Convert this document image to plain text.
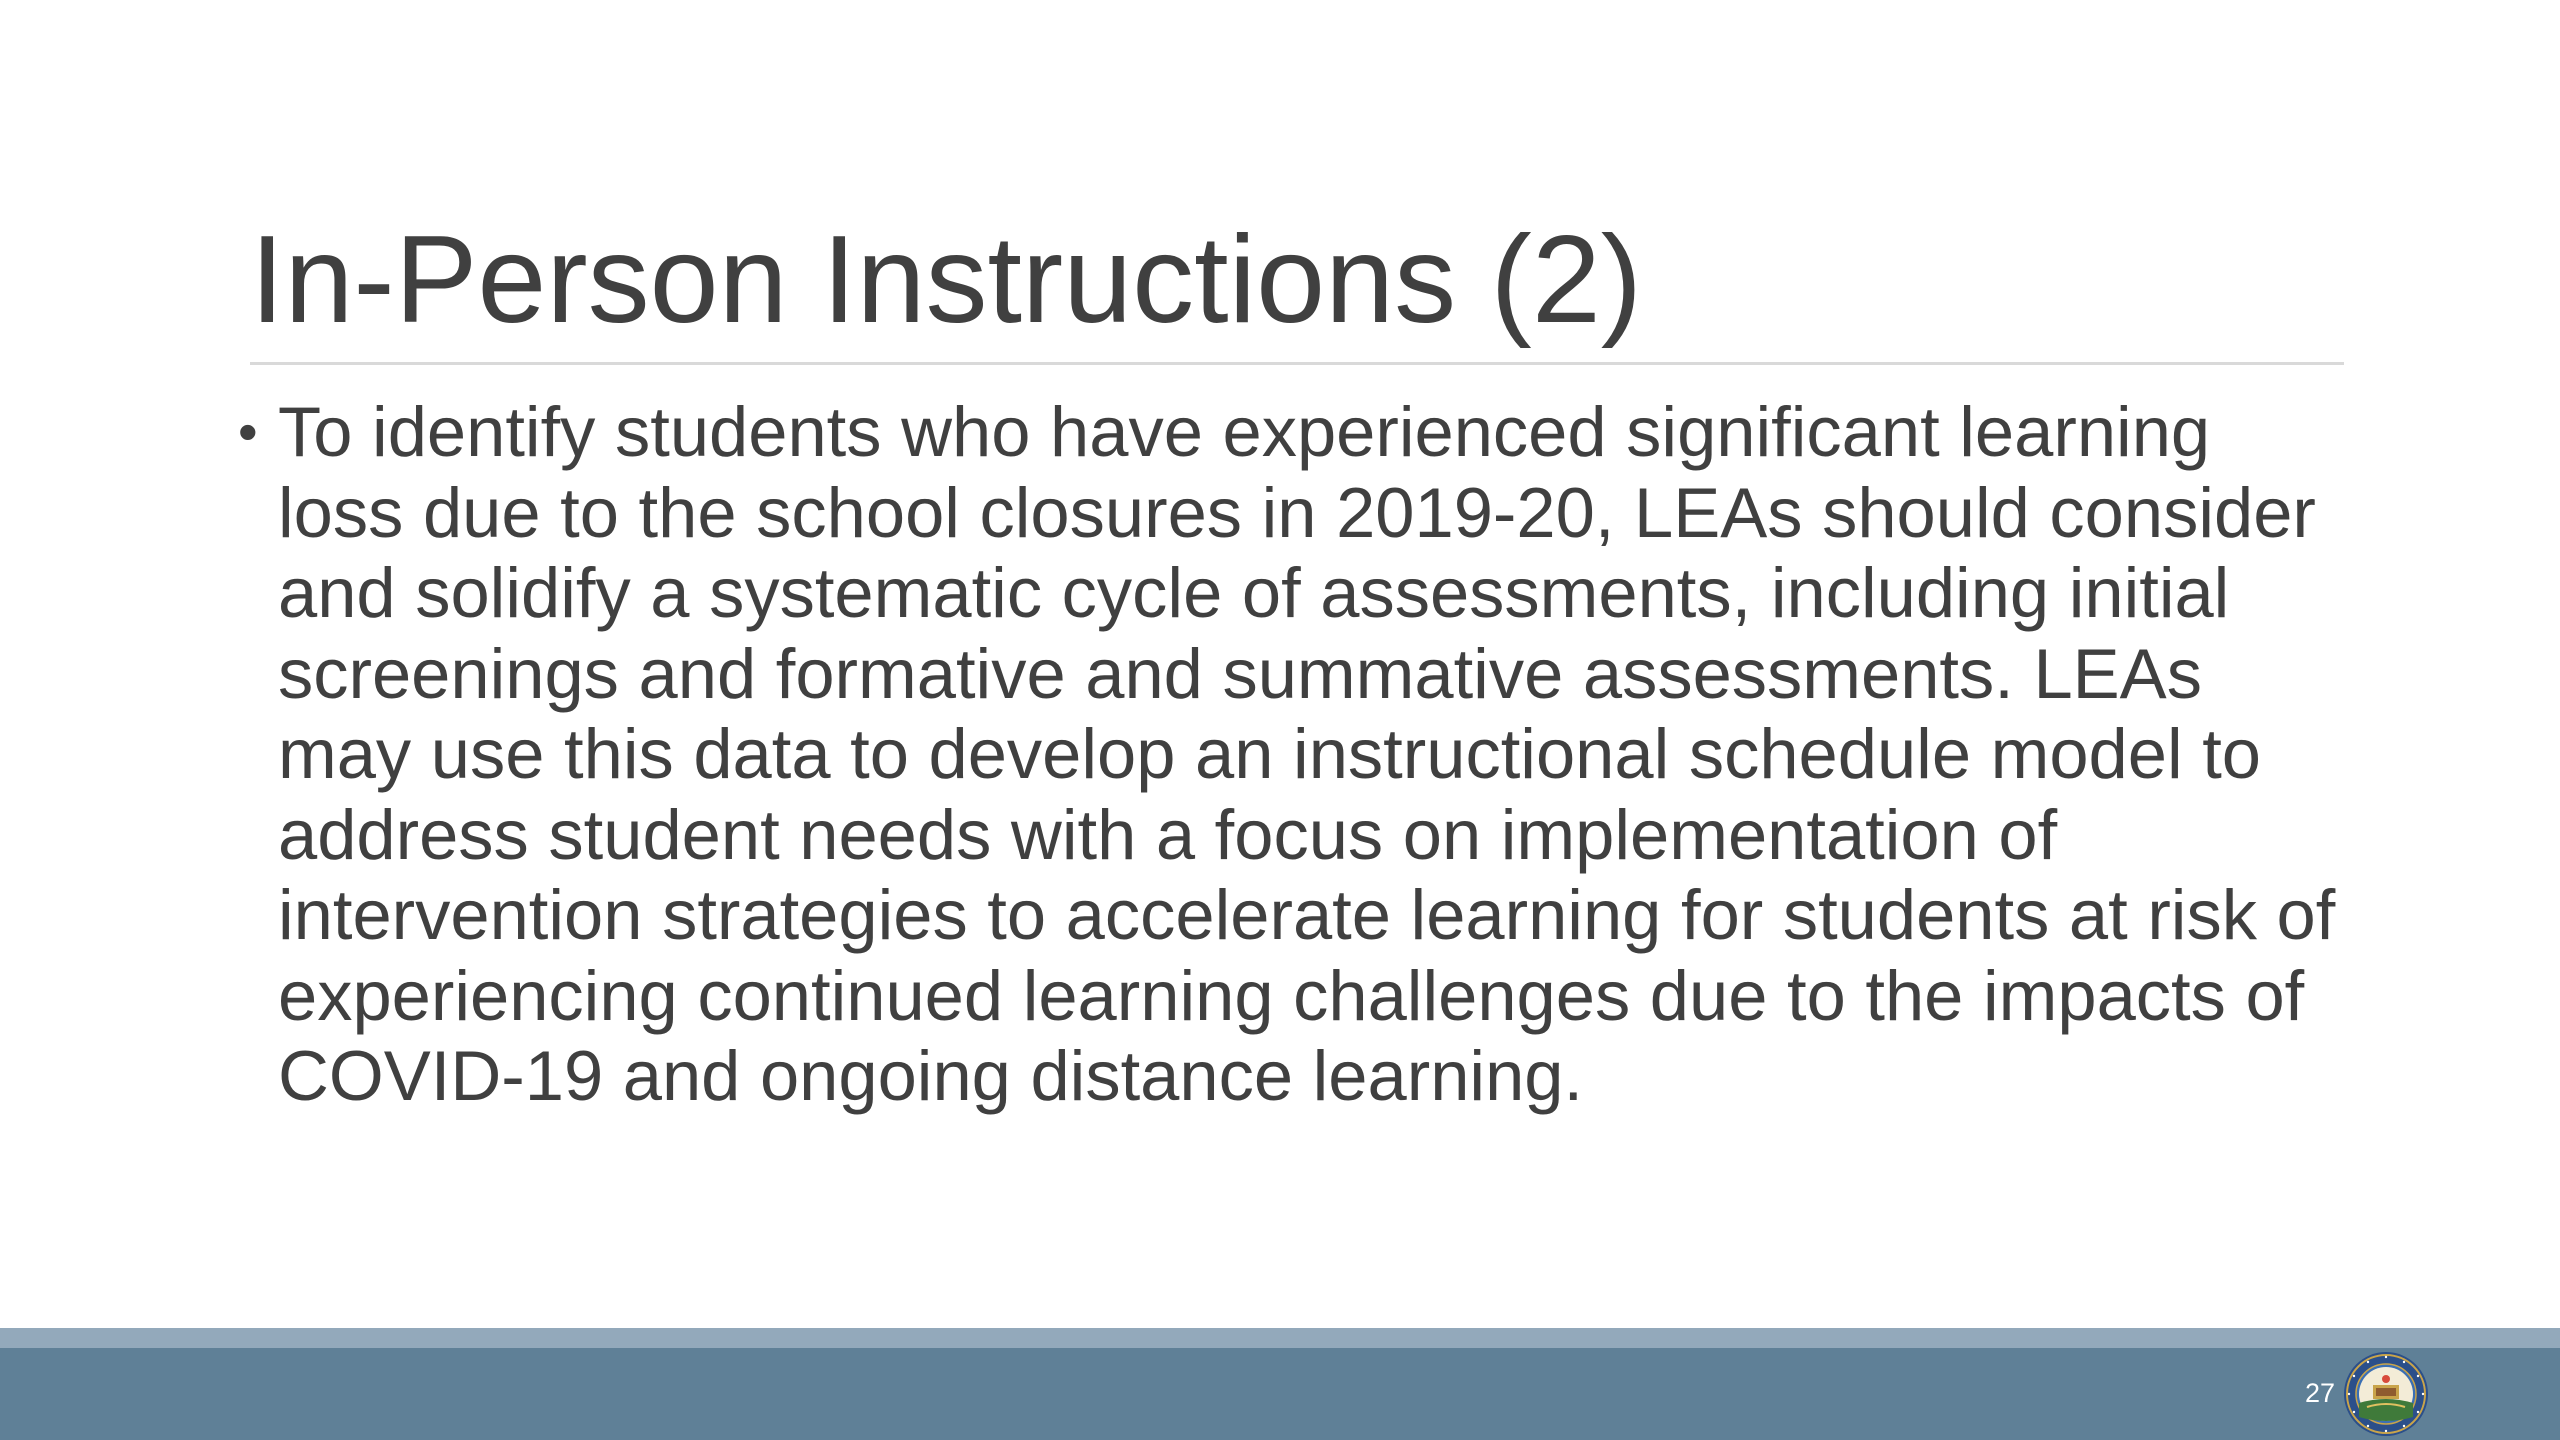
In-Person Instructions (2)
• To identify students who have experienced significant learning loss due to the school closures in 2019-20, LEAs should consider and solidify a systematic cycle of assessments, including initial screenings and formative and summative assessments. LEAs may use this data to develop an instructional schedule model to address student needs with a focus on implementation of intervention strategies to accelerate learning for students at risk of experiencing continued learning challenges due to the impacts of COVID-19 and ongoing distance learning.
27
